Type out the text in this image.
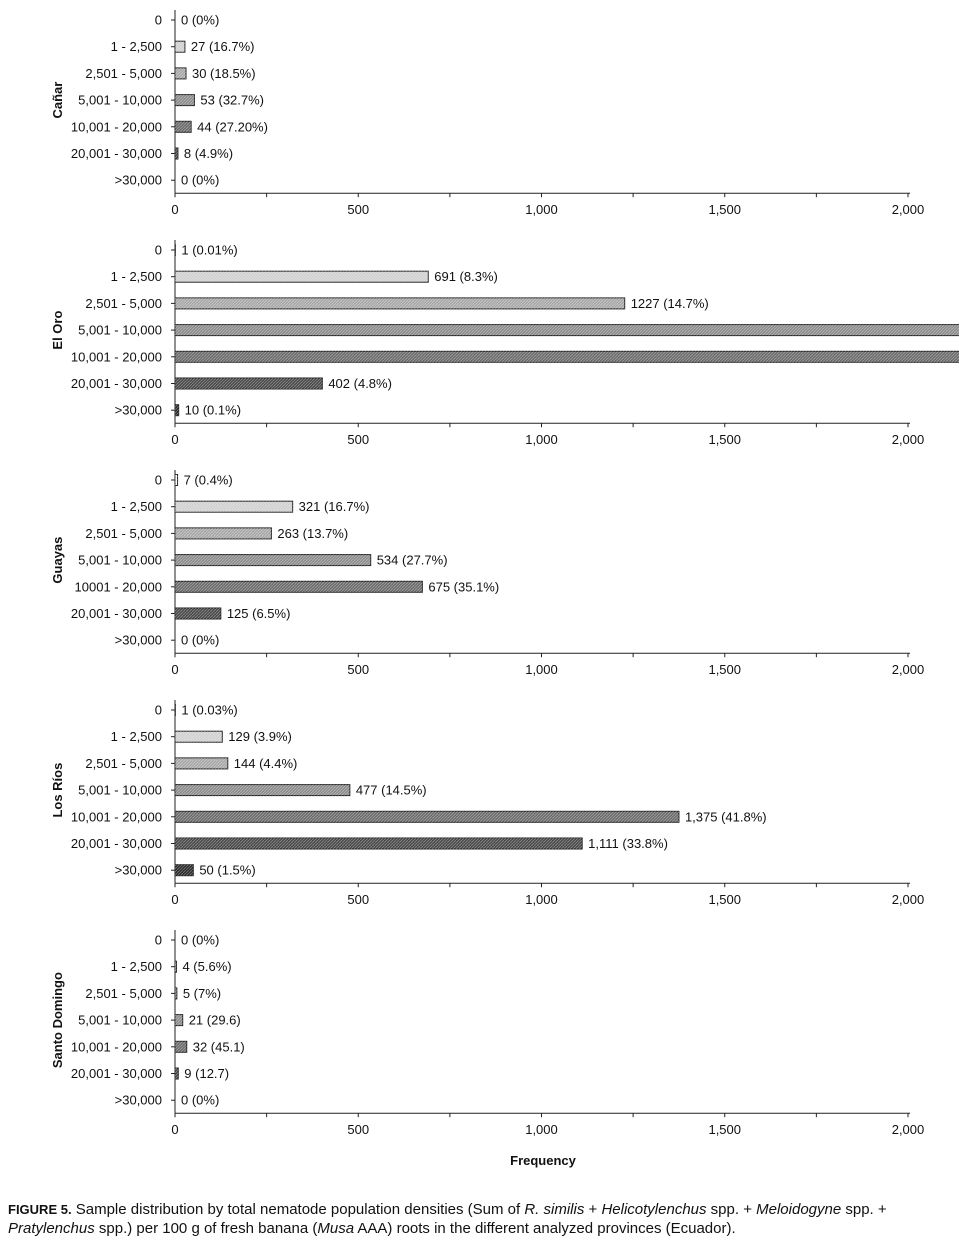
Cañar
0 0 (0%)
1 - 2,500 27 (16.7%)
2,501 - 5,000 30 (18.5%)
5,001 - 10,000	53 (32.7%)
10,001 - 20,000	44 (27.20%)
20,001 - 30,000 8 (4.9%)
>30,000 0 (0%)
0	500	1,000	1,500	2,000
El Oro
0 1 (0.01%)
1 - 2,500	691 (8.3%)
2,501 - 5,000	1227 (14.7%)
5,001 - 10,000
10,001 - 20,000
20,001 - 30,000	402 (4.8%)
>30,000 10 (0.1%)
0	500	1,000	1,500	2,000
Guayas
0 7 (0.4%)
1 - 2,500	321 (16.7%)
2,501 - 5,000	263 (13.7%)
5,001 - 10,000	534 (27.7%)
10001 - 20,000	675 (35.1%)
20,001 - 30,000	125 (6.5%)
>30,000 0 (0%)
0	500	1,000	1,500	2,000
Los Ríos
0 1 (0.03%)
1 - 2,500	129 (3.9%)
2,501 - 5,000	144 (4.4%)
5,001 - 10,000	477 (14.5%)
10,001 - 20,000	1,375 (41.8%)
20,001 - 30,000	1,111 (33.8%)
>30,000	50 (1.5%)
0	500	1,000	1,500	2,000
Santo Domingo
0 0 (0%)
1 - 2,500 4 (5.6%)
2,501 - 5,000 5 (7%)
5,001 - 10,000 21 (29.6)
10,001 - 20,000 32 (45.1)
20,001 - 30,000 9 (12.7)
>30,000 0 (0%)
0	500	1,000	1,500	2,000
Frequency
FIGURE 5. Sample distribution by total nematode population densities (Sum of R. similis + Helicotylenchus spp. + Meloidogyne spp. + Pratylenchus spp.) per 100 g of fresh banana (Musa AAA) roots in the different analyzed provinces (Ecuador).
